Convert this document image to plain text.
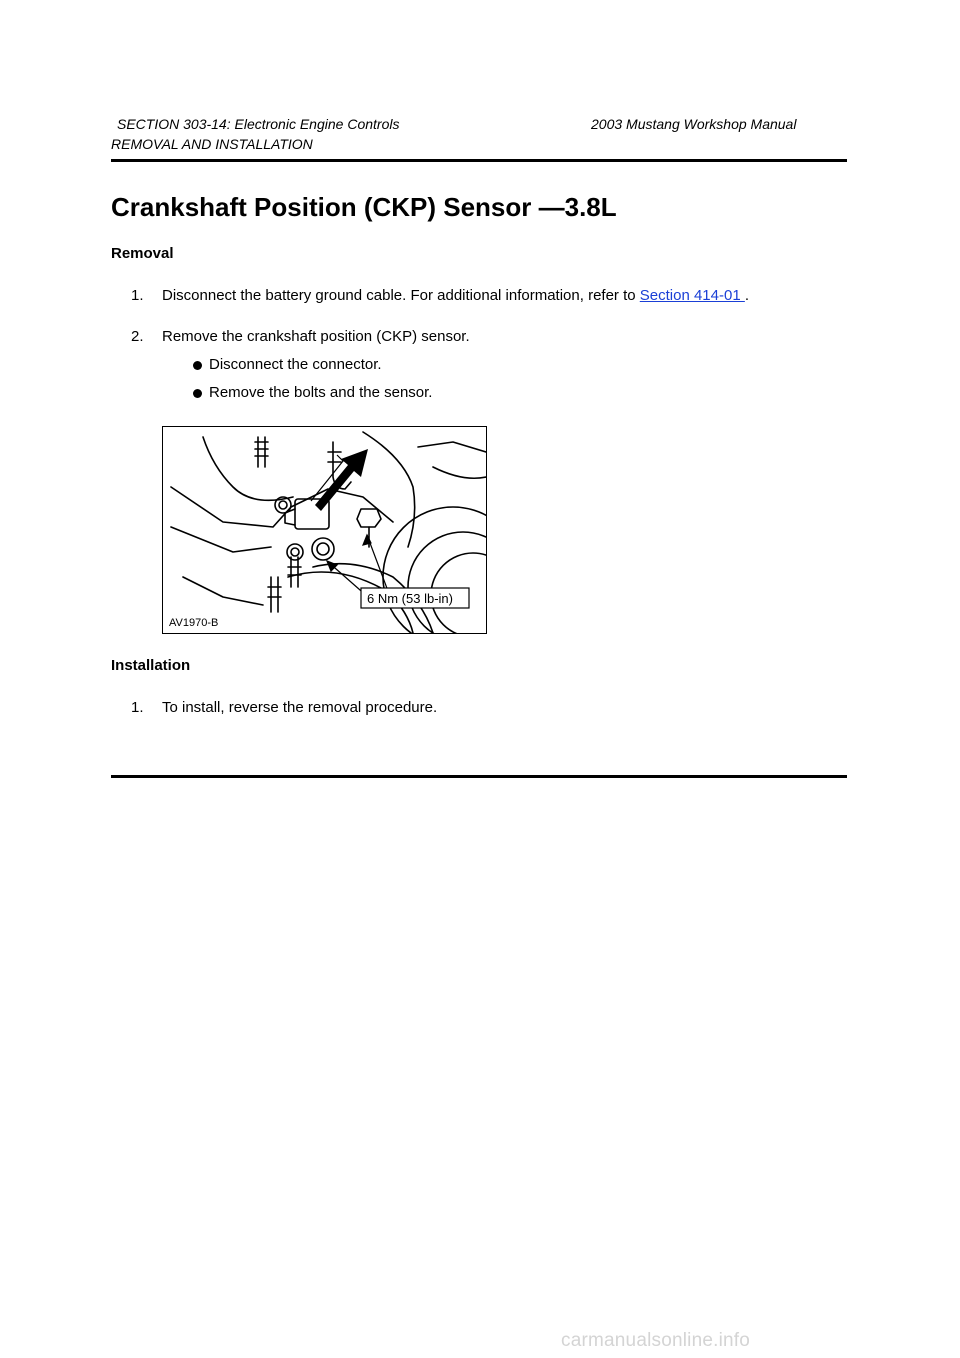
SECTION 303-14: Electronic Engine Controls	2003 Mustang Workshop Manual
REMOVAL AND INSTALLATION
Crankshaft Position (CKP) Sensor —3.8L
Removal
1. Disconnect the battery ground cable. For additional information, refer to Section 414-01 .
2. Remove the crankshaft position (CKP) sensor.
Disconnect the connector.
Remove the bolts and the sensor.
6 Nm (53 lb-in)
AV1970-B
Installation
1. To install, reverse the removal procedure.
carmanualsonline.info
